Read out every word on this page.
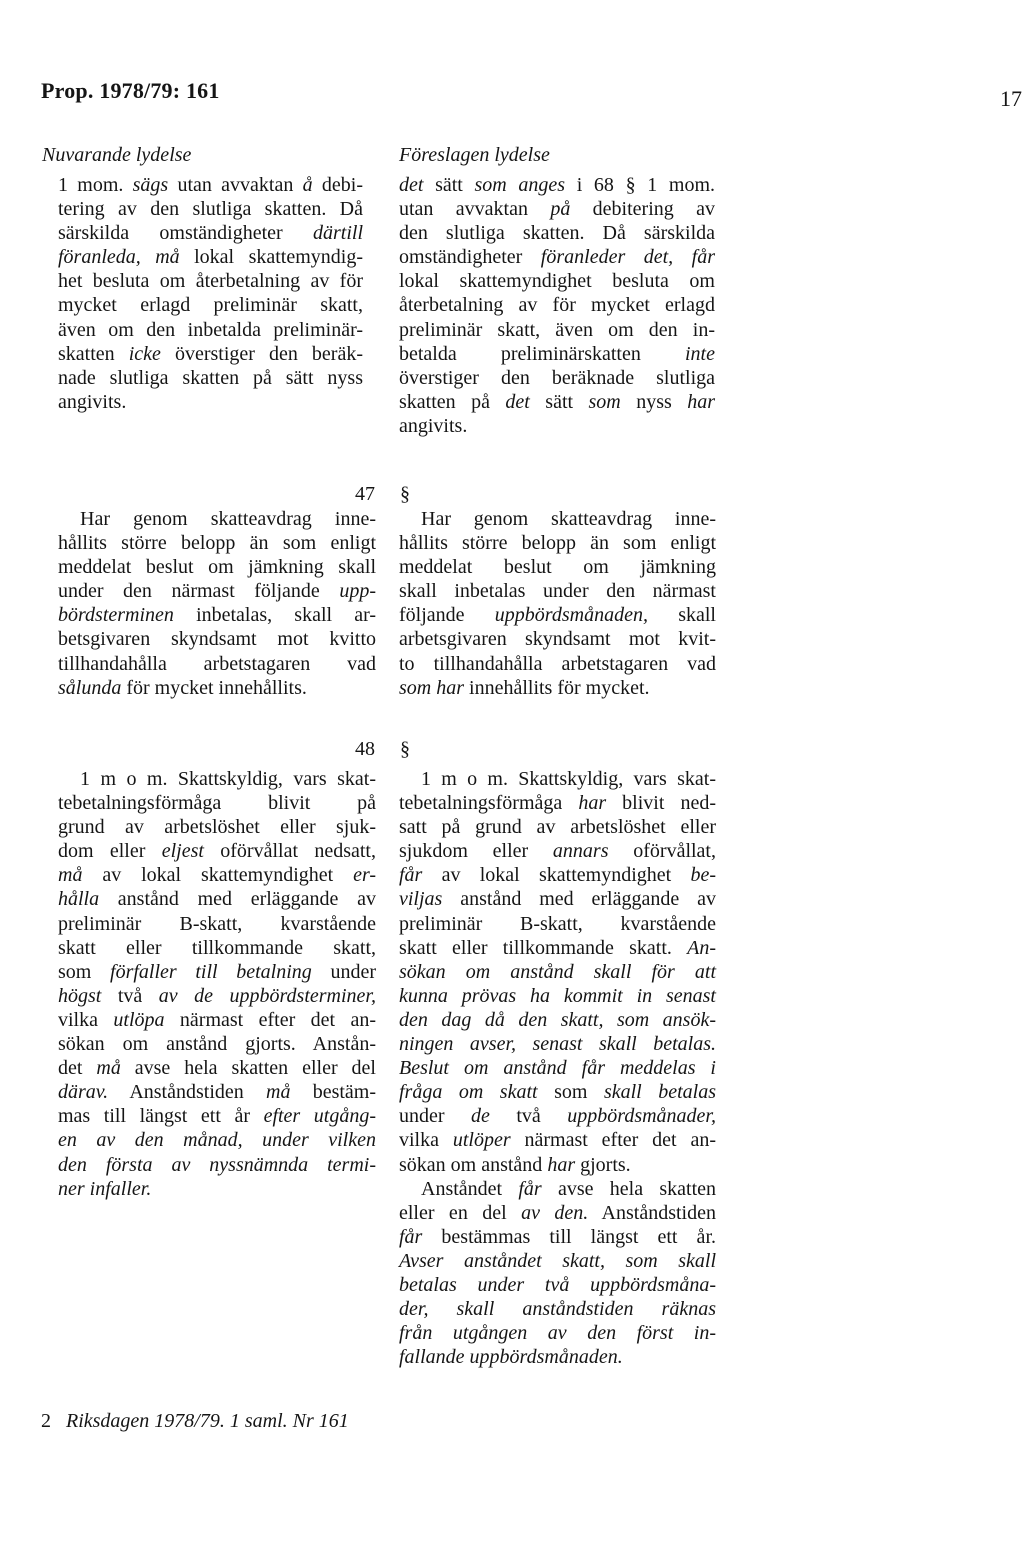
Prop. 1978/79: 161	17
Nuvarande lydelse	Föreslagen lydelse
1 mom. sägs utan avvaktan å debi-
tering av den slutliga skatten. Då
särskilda omständigheter därtill
föranleda, må lokal skattemyndig-
het besluta om återbetalning av för
mycket erlagd preliminär skatt,
även om den inbetalda preliminär-
skatten icke överstiger den beräk-
nade slutliga skatten på sätt nyss
angivits.
det sätt som anges i 68 § 1 mom.
utan avvaktan på debitering av
den slutliga skatten. Då särskilda
omständigheter föranleder det, får
lokal skattemyndighet besluta om
återbetalning av för mycket erlagd
preliminär skatt, även om den in-
betalda preliminärskatten inte
överstiger den beräknade slutliga
skatten på det sätt som nyss har
angivits.
47 §
Har genom skatteavdrag inne-
hållits större belopp än som enligt
meddelat beslut om jämkning skall
under den närmast följande upp-
bördsterminen inbetalas, skall ar-
betsgivaren skyndsamt mot kvitto
tillhandahålla arbetstagaren vad
sålunda för mycket innehållits.
Har genom skatteavdrag inne-
hållits större belopp än som enligt
meddelat beslut om jämkning
skall inbetalas under den närmast
följande uppbördsmånaden, skall
arbetsgivaren skyndsamt mot kvit-
to tillhandahålla arbetstagaren vad
som har innehållits för mycket.
48 §
1 m o m. Skattskyldig, vars skat-
tebetalningsförmåga blivit på
grund av arbetslöshet eller sjuk-
dom eller eljest oförvållat nedsatt,
må av lokal skattemyndighet er-
hålla anstånd med erläggande av
preliminär B-skatt, kvarstående
skatt eller tillkommande skatt,
som förfaller till betalning under
högst två av de uppbördsterminer,
vilka utlöpa närmast efter det an-
sökan om anstånd gjorts. Anstån-
det må avse hela skatten eller del
därav. Anståndstiden må bestäm-
mas till längst ett år efter utgång-
en av den månad, under vilken
den första av nyssnämnda termi-
ner infaller.
1 m o m. Skattskyldig, vars skat-
tebetalningsförmåga har blivit ned-
satt på grund av arbetslöshet eller
sjukdom eller annars oförvållat,
får av lokal skattemyndighet be-
viljas anstånd med erläggande av
preliminär B-skatt, kvarstående
skatt eller tillkommande skatt. An-
sökan om anstånd skall för att
kunna prövas ha kommit in senast
den dag då den skatt, som ansök-
ningen avser, senast skall betalas.
Beslut om anstånd får meddelas i
fråga om skatt som skall betalas
under de två uppbördsmånader,
vilka utlöper närmast efter det an-
sökan om anstånd har gjorts.
Anståndet får avse hela skatten
eller en del av den. Anståndstiden
får bestämmas till längst ett år.
Avser anståndet skatt, som skall
betalas under två uppbördsmåna-
der, skall anståndstiden räknas
från utgången av den först in-
fallande uppbördsmånaden.
2 Riksdagen 1978/79. 1 saml. Nr 161
